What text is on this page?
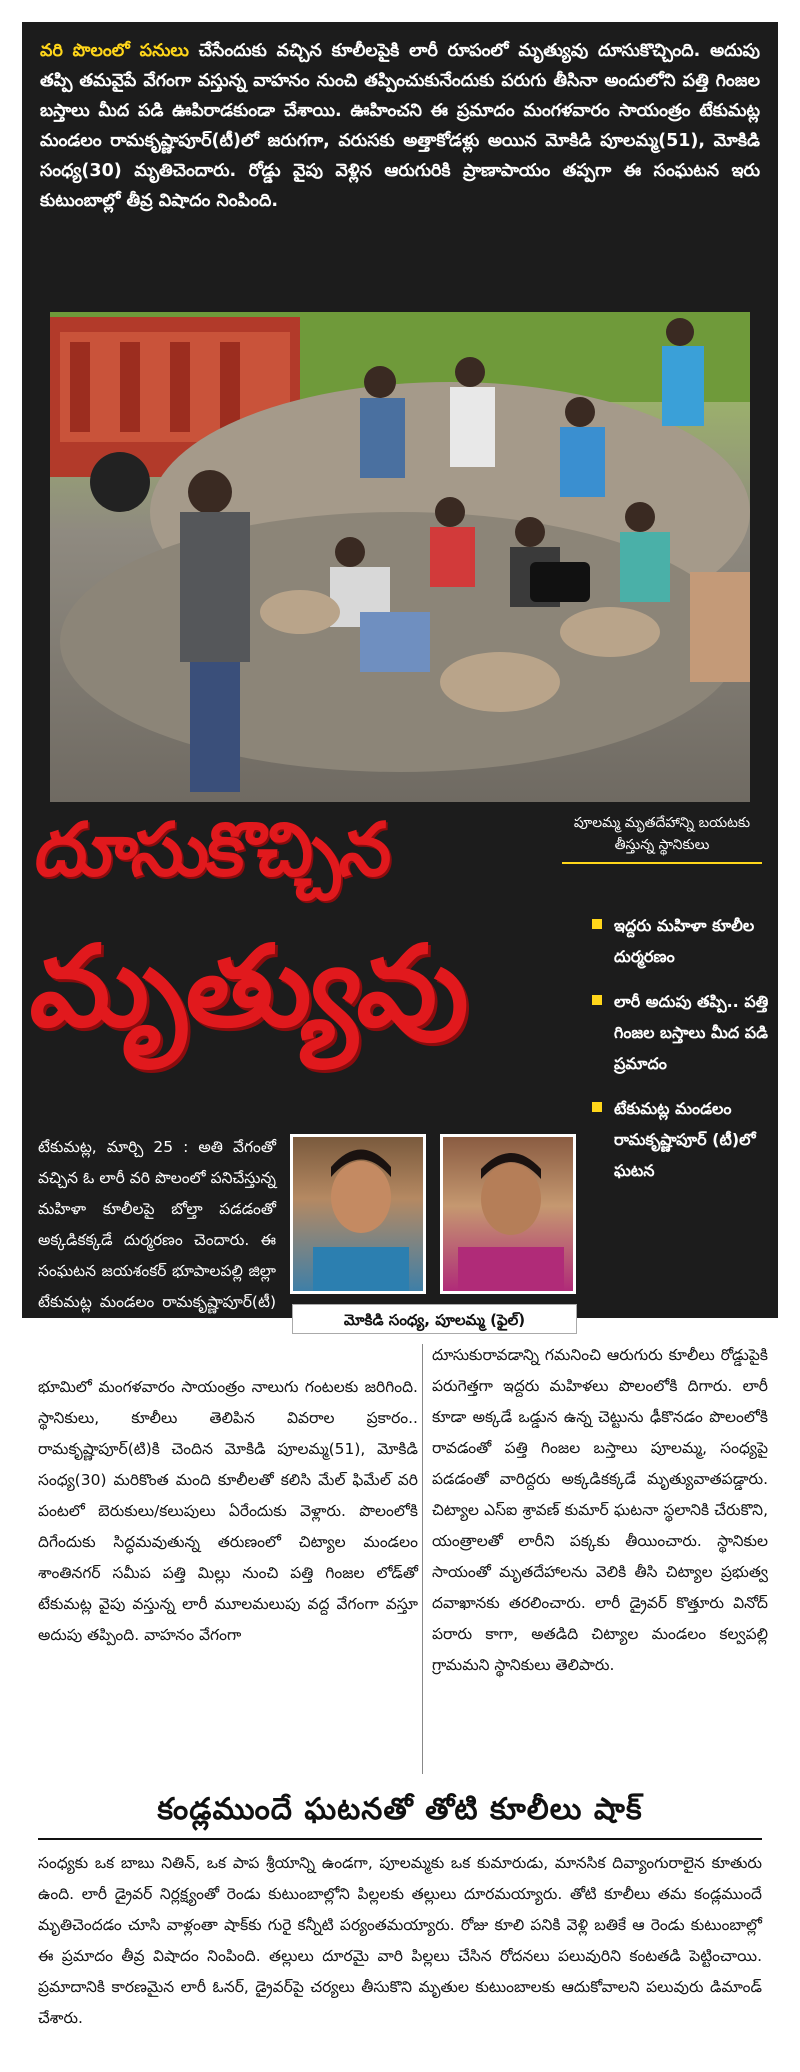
వరి పొలంలో పనులు చేసేందుకు వచ్చిన కూలీలపైకి లారీ రూపంలో మృత్యువు దూసుకొచ్చింది. అదుపు తప్పి తమవైపే వేగంగా వస్తున్న వాహనం నుంచి తప్పించుకునేందుకు పరుగు తీసినా అందులోని పత్తి గింజల బస్తాలు మీద పడి ఊపిరాడకుండా చేశాయి. ఊహించని ఈ ప్రమాదం మంగళవారం సాయంత్రం టేకుమట్ల మండలం రామకృష్ణాపూర్(టీ)లో జరుగగా, వరుసకు అత్తాకోడళ్లు అయిన మోకిడి పూలమ్మ(51), మోకిడి సంధ్య(30) మృతిచెందారు. రోడ్డు వైపు వెళ్లిన ఆరుగురికి ప్రాణాపాయం తప్పగా ఈ సంఘటన ఇరు కుటుంబాల్లో తీవ్ర విషాదం నింపింది.

పూలమ్మ మృతదేహాన్ని బయటకు తీస్తున్న స్థానికులు

దూసుకొచ్చిన
మృత్యువు	ఇద్దరు మహిళా కూలీల దుర్మరణం
లారీ అదుపు తప్పి.. పత్తి గింజల బస్తాలు మీద పడి ప్రమాదం
టేకుమట్ల మండలం రామకృష్ణాపూర్ (టీ)లో ఘటన

టేకుమట్ల, మార్చి 25 : అతి వేగంతో వచ్చిన ఓ లారీ వరి పొలంలో పనిచేస్తున్న మహిళా కూలీలపై బోల్తా పడడంతో అక్కడికక్కడే దుర్మరణం చెందారు. ఈ సంఘటన జయశంకర్ భూపాలపల్లి జిల్లా టేకుమట్ల మండలం రామకృష్ణాపూర్(టీ) గ్రామ శివారులోని వ్యవసాయ

మోకిడి సంధ్య, పూలమ్మ (ఫైల్)

భూమిలో మంగళవారం సాయంత్రం నాలుగు గంటలకు జరిగింది. స్థానికులు, కూలీలు తెలిపిన వివరాల ప్రకారం.. రామకృష్ణాపూర్(టి)కి చెందిన మోకిడి పూలమ్మ(51), మోకిడి సంధ్య(30) మరికొంత మంది కూలీలతో కలిసి మేల్ ఫిమేల్ వరి పంటలో బెరుకులు/కలుపులు ఏరేందుకు వెళ్లారు. పొలంలోకి దిగేందుకు సిద్ధమవుతున్న తరుణంలో చిట్యాల మండలం శాంతినగర్ సమీప పత్తి మిల్లు నుంచి పత్తి గింజల లోడ్‌తో టేకుమట్ల వైపు వస్తున్న లారీ మూలమలుపు వద్ద వేగంగా వస్తూ అదుపు తప్పింది. వాహనం వేగంగా

దూసుకురావడాన్ని గమనించి ఆరుగురు కూలీలు రోడ్డుపైకి పరుగెత్తగా ఇద్దరు మహిళలు పొలంలోకి దిగారు. లారీ కూడా అక్కడే ఒడ్డున ఉన్న చెట్టును ఢీకొనడం పొలంలోకి రావడంతో పత్తి గింజల బస్తాలు పూలమ్మ, సంధ్యపై పడడంతో వారిద్దరు అక్కడికక్కడే మృత్యువాతపడ్డారు. చిట్యాల ఎస్ఐ శ్రావణ్ కుమార్ ఘటనా స్థలానికి చేరుకొని, యంత్రాలతో లారీని పక్కకు తీయించారు. స్థానికుల సాయంతో మృతదేహాలను వెలికి తీసి చిట్యాల ప్రభుత్వ దవాఖానకు తరలించారు. లారీ డ్రైవర్ కొత్తూరు వినోద్ పరారు కాగా, అతడిది చిట్యాల మండలం కల్వపల్లి గ్రామమని స్థానికులు తెలిపారు.

కండ్లముందే ఘటనతో తోటి కూలీలు షాక్

సంధ్యకు ఒక బాబు నితిన్, ఒక పాప శ్రీయాన్ని ఉండగా, పూలమ్మకు ఒక కుమారుడు, మానసిక దివ్యాంగురాలైన కూతురు ఉంది. లారీ డ్రైవర్ నిర్లక్ష్యంతో రెండు కుటుంబాల్లోని పిల్లలకు తల్లులు దూరమయ్యారు. తోటి కూలీలు తమ కండ్లముందే మృతిచెందడం చూసి వాళ్లంతా షాక్‌కు గురై కన్నీటి పర్యంతమయ్యారు. రోజు కూలి పనికి వెళ్లి బతికే ఆ రెండు కుటుంబాల్లో ఈ ప్రమాదం తీవ్ర విషాదం నింపింది. తల్లులు దూరమై వారి పిల్లలు చేసిన రోదనలు పలువురిని కంటతడి పెట్టించాయి. ప్రమాదానికి కారణమైన లారీ ఓనర్, డ్రైవర్‌పై చర్యలు తీసుకొని మృతుల కుటుంబాలకు ఆదుకోవాలని పలువురు డిమాండ్ చేశారు.
